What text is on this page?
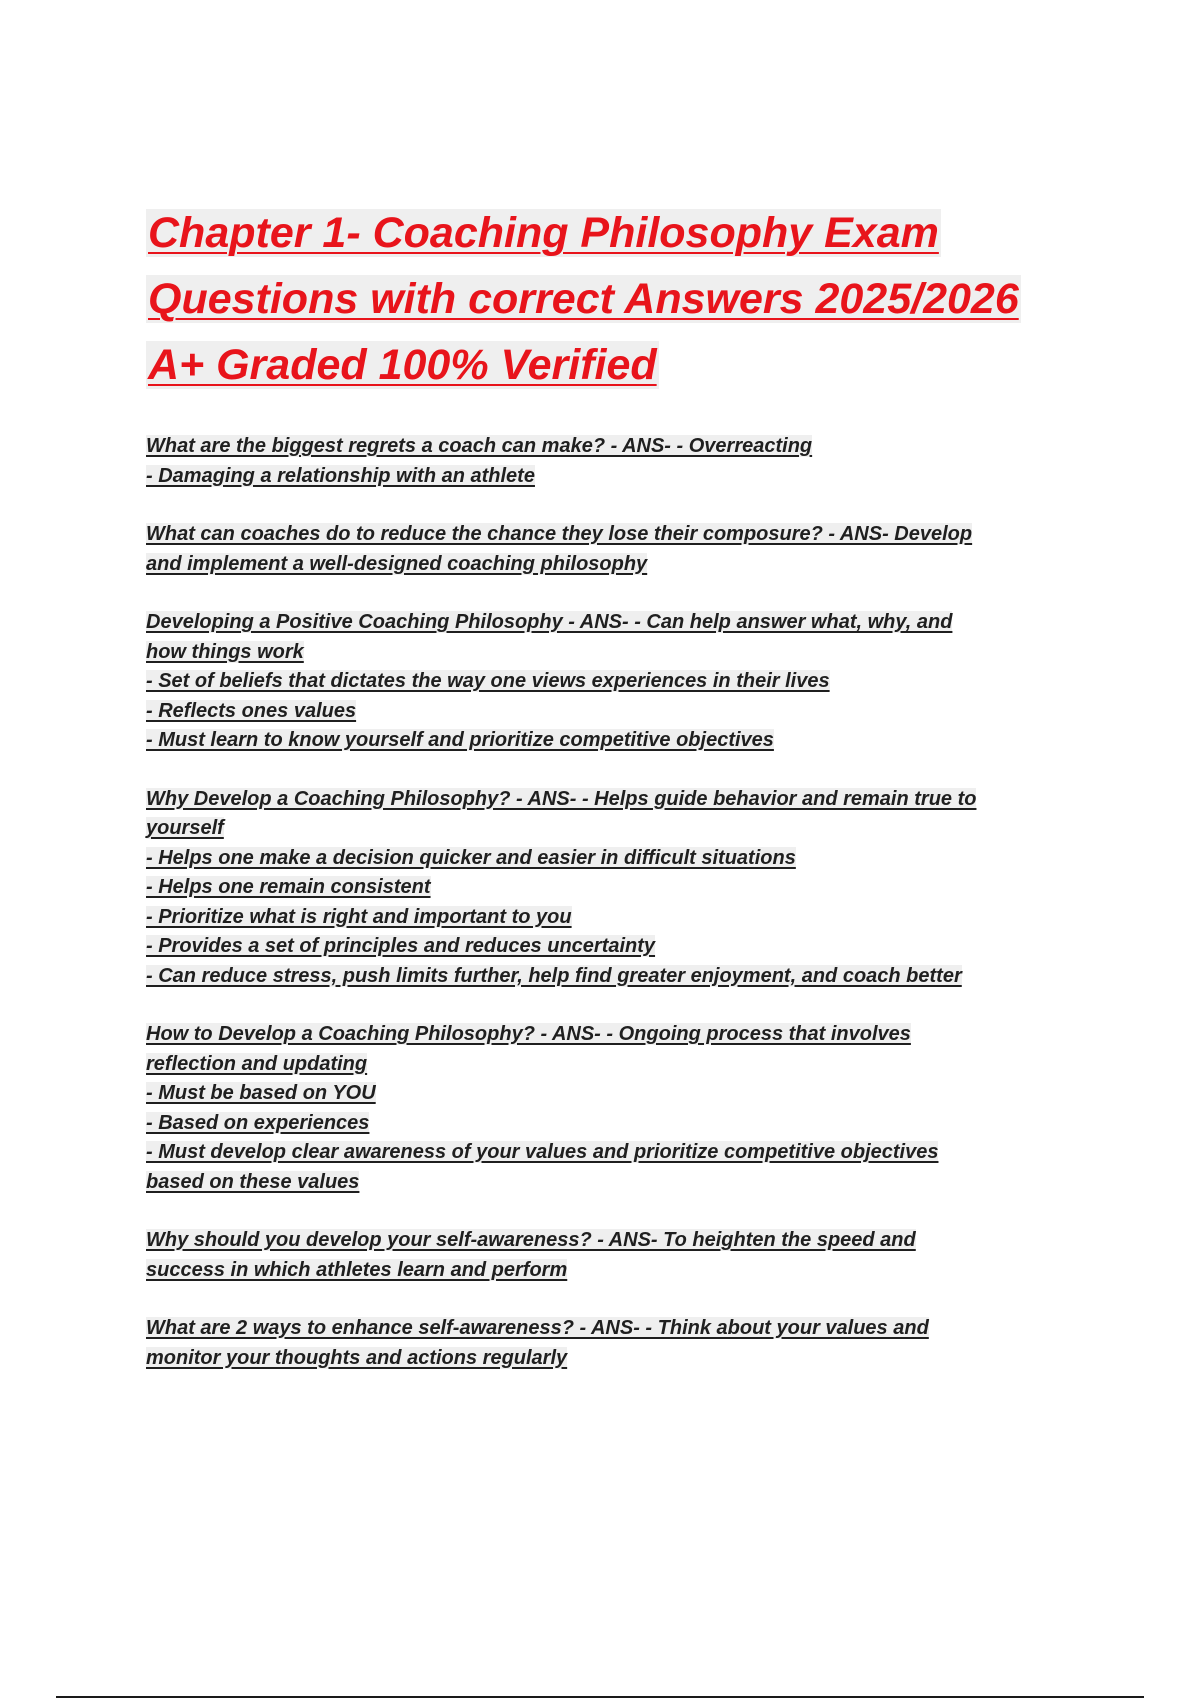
Chapter 1- Coaching Philosophy Exam
Questions with correct Answers 2025/2026
A+ Graded 100% Verified
What are the biggest regrets a coach can make? - ANS- - Overreacting
- Damaging a relationship with an athlete
What can coaches do to reduce the chance they lose their composure? - ANS- Develop
and implement a well-designed coaching philosophy
Developing a Positive Coaching Philosophy - ANS- - Can help answer what, why, and
how things work
- Set of beliefs that dictates the way one views experiences in their lives
- Reflects ones values
- Must learn to know yourself and prioritize competitive objectives
Why Develop a Coaching Philosophy? - ANS- - Helps guide behavior and remain true to
yourself
- Helps one make a decision quicker and easier in difficult situations
- Helps one remain consistent
- Prioritize what is right and important to you
- Provides a set of principles and reduces uncertainty
- Can reduce stress, push limits further, help find greater enjoyment, and coach better
How to Develop a Coaching Philosophy? - ANS- - Ongoing process that involves
reflection and updating
- Must be based on YOU
- Based on experiences
- Must develop clear awareness of your values and prioritize competitive objectives
based on these values
Why should you develop your self-awareness? - ANS- To heighten the speed and
success in which athletes learn and perform
What are 2 ways to enhance self-awareness? - ANS- - Think about your values and
monitor your thoughts and actions regularly
